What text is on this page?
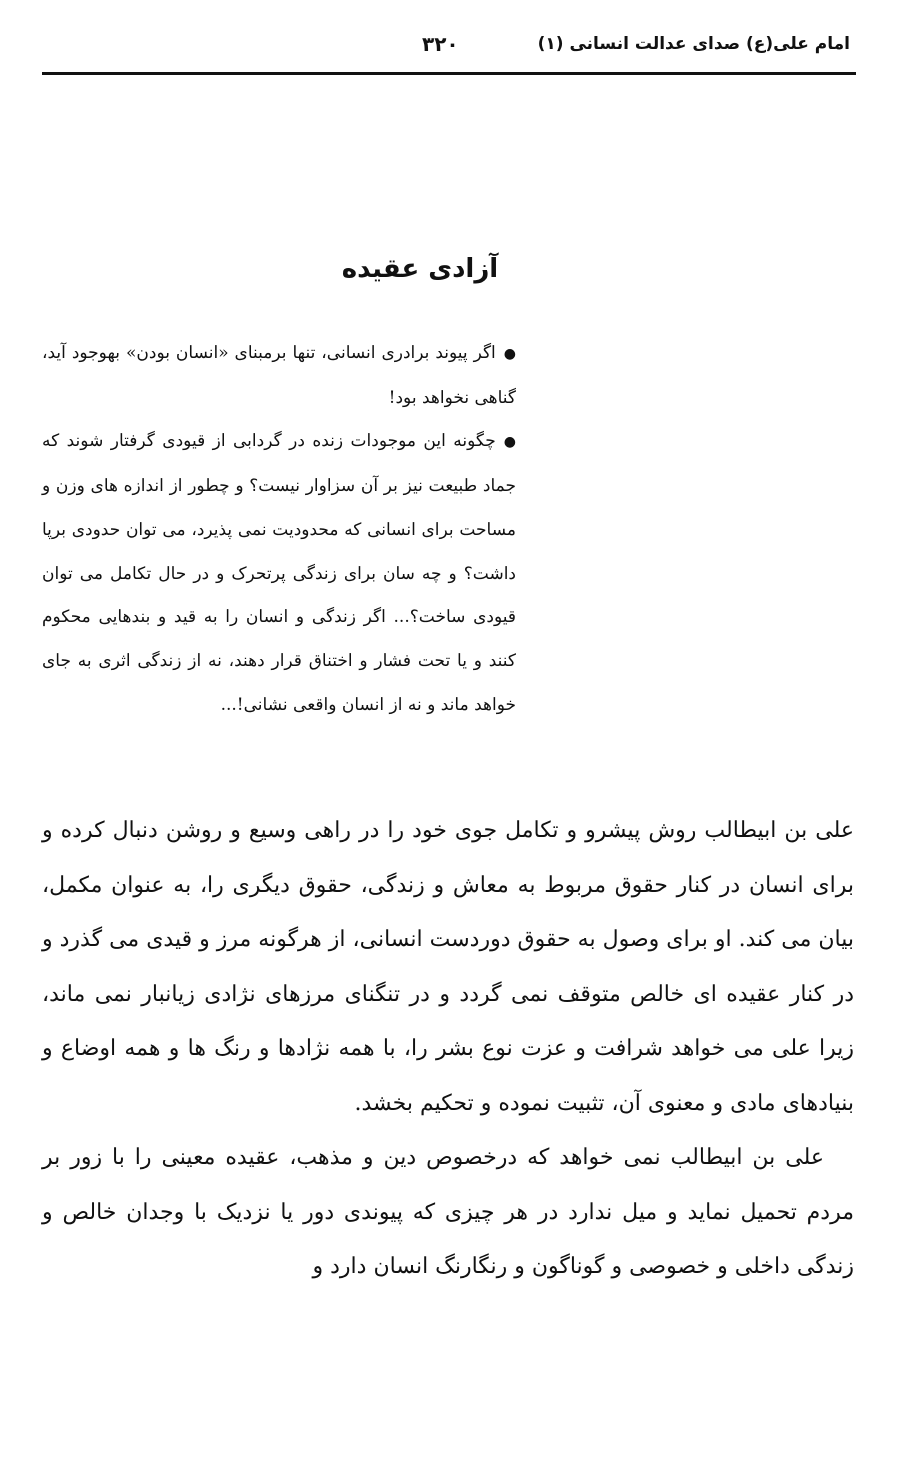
امام علی(ع) صدای عدالت انسانی (۱)
۳۲۰
آزادی عقیده
●اگر پیوند برادری انسانی، تنها برمبنای «انسان بودن» بهوجود آید، گناهی نخواهد بود!
●چگونه این موجودات زنده در گردابی از قیودی گرفتار شوند که جماد طبیعت نیز بر آن سزاوار نیست؟ و چطور از اندازه های وزن و مساحت برای انسانی که محدودیت نمی پذیرد، می توان حدودی برپا داشت؟ و چه سان برای زندگی پرتحرک و در حال تکامل می توان قیودی ساخت؟... اگر زندگی و انسان را به قید و بندهایی محکوم کنند و یا تحت فشار و اختناق قرار دهند، نه از زندگی اثری به جای خواهد ماند و نه از انسان واقعی نشانی!...

علی بن ابیطالب روش پیشرو و تکامل جوی خود را در راهی وسیع و روشن دنبال کرده و برای انسان در کنار حقوق مربوط به معاش و زندگی، حقوق دیگری را، به عنوان مکمل، بیان می کند. او برای وصول به حقوق دوردست انسانی، از هرگونه مرز و قیدی می گذرد و در کنار عقیده ای خالص متوقف نمی گردد و در تنگنای مرزهای نژادی زیانبار نمی ماند، زیرا علی می خواهد شرافت و عزت نوع بشر را، با همه نژادها و رنگ ها و همه اوضاع و بنیادهای مادی و معنوی آن، تثبیت نموده و تحکیم بخشد.

علی بن ابیطالب نمی خواهد که درخصوص دین و مذهب، عقیده معینی را با زور بر مردم تحمیل نماید و میل ندارد در هر چیزی که پیوندی دور یا نزدیک با وجدان خالص و زندگی داخلی و خصوصی و گوناگون و رنگارنگ انسان دارد و
